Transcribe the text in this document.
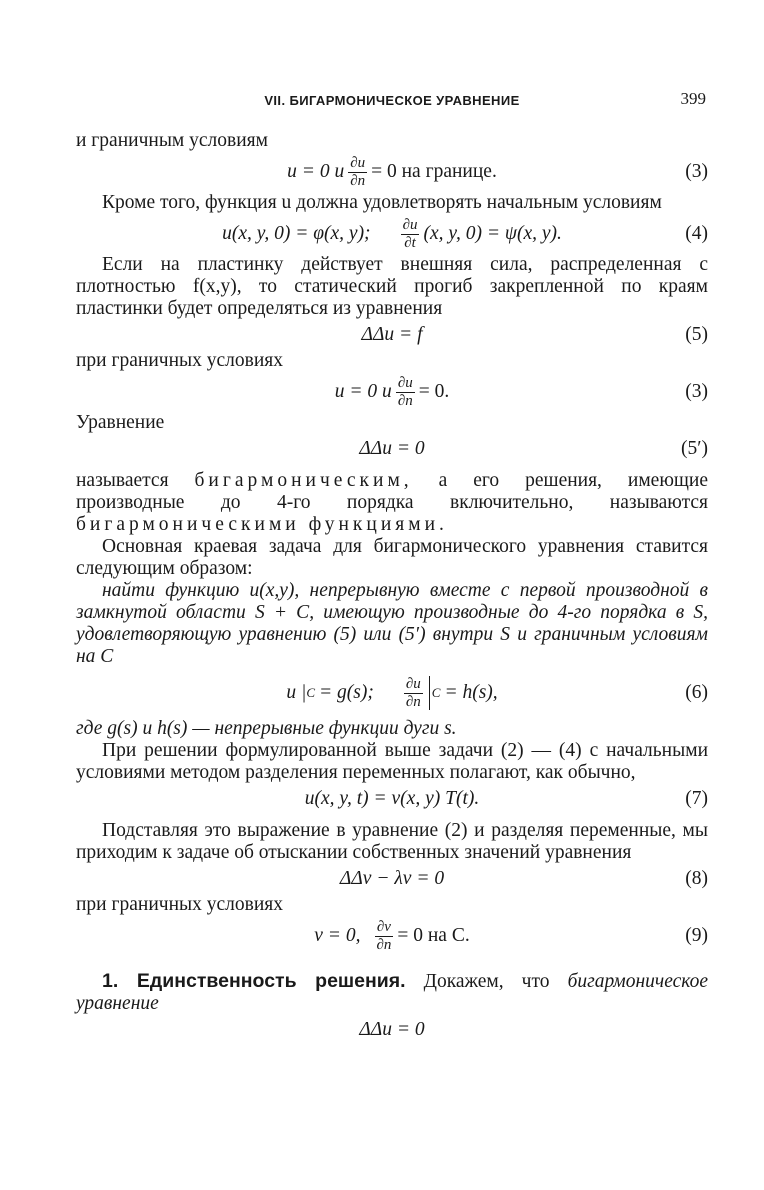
VII. БИГАРМОНИЧЕСКОЕ УРАВНЕНИЕ	399

и граничным условиям

u = 0 и $\frac{\partial u}{\partial n} = 0$ на границе.	(3)

Кроме того, функция u должна удовлетворять начальным условиям

u(x, y, 0) = φ(x, y); $\frac{\partial u}{\partial t} (x$, y, 0) = ψ(x, y).	(4)

Если на пластинку действует внешняя сила, распределенная с плотностью f(x,y), то статический прогиб закрепленной по краям пластинки будет определяться из уравнения

ΔΔu = f	(5)

при граничных условиях

u = 0 и $\frac{\partial u}{\partial n} = 0$.	(3)

Уравнение

ΔΔu = 0	(5′)

называется бигармоническим, а его решения, имеющие производные до 4-го порядка включительно, называются бигармоническими функциями.

Основная краевая задача для бигармонического уравнения ставится следующим образом:

найти функцию u(x,y), непрерывную вместе с первой производной в замкнутой области S + C, имеющую производные до 4-го порядка в S, удовлетворяющую уравнению (5) или (5′) внутри S и граничным условиям на C

u | C = g(s); $\frac{\partial u}{\partial n}$ C = h(s),	(6)

где g(s) и h(s) — непрерывные функции дуги s.

При решении формулированной выше задачи (2) — (4) с начальными условиями методом разделения переменных полагают, как обычно,

u(x, y, t) = v(x, y) T(t).	(7)

Подставляя это выражение в уравнение (2) и разделяя переменные, мы приходим к задаче об отыскании собственных значений уравнения

ΔΔv − λv = 0	(8)

при граничных условиях

v = 0, $\frac{\partial v}{\partial n} = 0$ на C.	(9)

1. Единственность решения. Докажем, что бигармоническое уравнение

ΔΔu = 0
